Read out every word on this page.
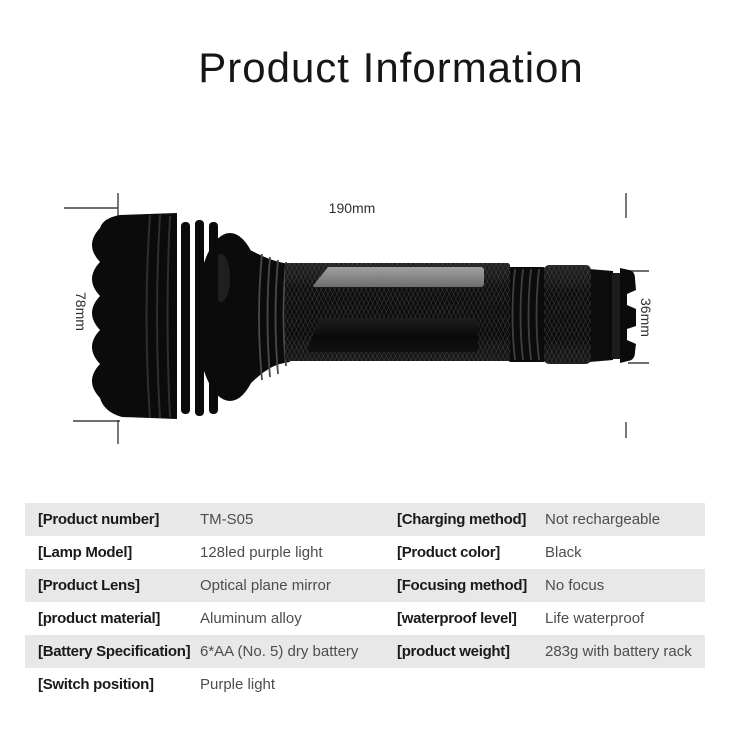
Product Information
190mm
78mm	36mm
[Product number]	TM-S05	[Charging method]	Not rechargeable
[Lamp Model]	128led purple light	[Product color]	Black
[Product Lens]	Optical plane mirror	[Focusing method]	No focus
[product material]	Aluminum alloy	[waterproof level]	Life waterproof
[Battery Specification] 6*AA (No. 5) dry battery	[product weight]	283g with battery rack
[Switch position]	Purple light
